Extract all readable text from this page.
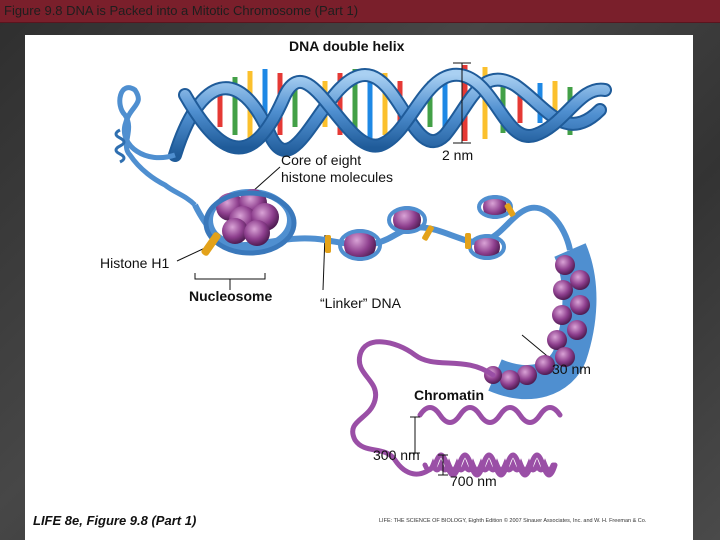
Figure 9.8 DNA is Packed into a Mitotic Chromosome (Part 1)
DNA double helix
2 nm
Core of eight
histone molecules
Histone H1
Nucleosome	“Linker” DNA
30 nm
Chromatin
300 nm
700 nm
LIFE 8e, Figure 9.8 (Part 1)	LIFE: THE SCIENCE OF BIOLOGY, Eighth Edition © 2007 Sinauer Associates, Inc. and W. H. Freeman & Co.
